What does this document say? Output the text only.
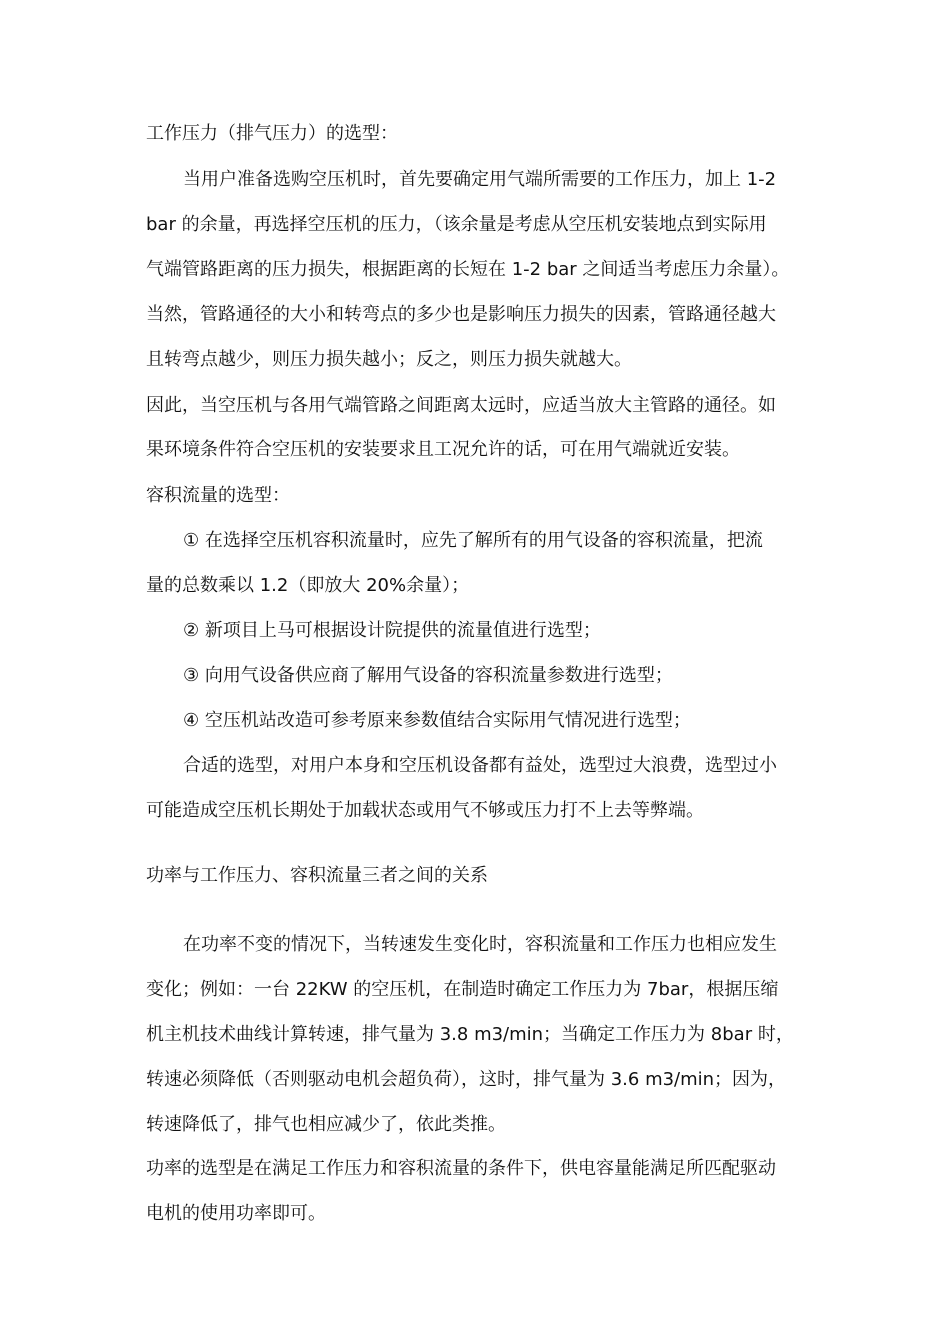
工作压力（排气压力）的选型：
当用户准备选购空压机时，首先要确定用气端所需要的工作压力，加上 1-2
bar 的余量，再选择空压机的压力，（该余量是考虑从空压机安装地点到实际用
气端管路距离的压力损失，根据距离的长短在 1-2 bar 之间适当考虑压力余量）。
当然，管路通径的大小和转弯点的多少也是影响压力损失的因素，管路通径越大
且转弯点越少，则压力损失越小；反之，则压力损失就越大。
因此，当空压机与各用气端管路之间距离太远时，应适当放大主管路的通径。如
果环境条件符合空压机的安装要求且工况允许的话，可在用气端就近安装。
容积流量的选型：
① 在选择空压机容积流量时，应先了解所有的用气设备的容积流量，把流
量的总数乘以 1.2（即放大 20%余量）；
② 新项目上马可根据设计院提供的流量值进行选型；
③ 向用气设备供应商了解用气设备的容积流量参数进行选型；
④ 空压机站改造可参考原来参数值结合实际用气情况进行选型；
合适的选型，对用户本身和空压机设备都有益处，选型过大浪费，选型过小
可能造成空压机长期处于加载状态或用气不够或压力打不上去等弊端。
功率与工作压力、容积流量三者之间的关系
在功率不变的情况下，当转速发生变化时，容积流量和工作压力也相应发生
变化；例如：一台 22KW 的空压机，在制造时确定工作压力为 7bar，根据压缩
机主机技术曲线计算转速，排气量为 3.8 m3/min；当确定工作压力为 8bar 时，
转速必须降低（否则驱动电机会超负荷），这时，排气量为 3.6 m3/min；因为，
转速降低了，排气也相应减少了，依此类推。
功率的选型是在满足工作压力和容积流量的条件下，供电容量能满足所匹配驱动
电机的使用功率即可。
